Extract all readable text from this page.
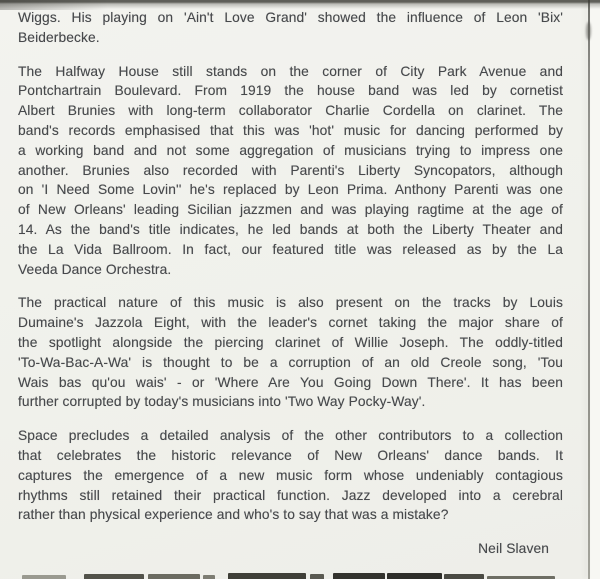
Wiggs. His playing on 'Ain't Love Grand' showed the influence of Leon 'Bix'
Beiderbecke.
The Halfway House still stands on the corner of City Park Avenue and
Pontchartrain Boulevard. From 1919 the house band was led by cornetist
Albert Brunies with long-term collaborator Charlie Cordella on clarinet. The
band's records emphasised that this was 'hot' music for dancing performed by
a working band and not some aggregation of musicians trying to impress one
another. Brunies also recorded with Parenti's Liberty Syncopators, although
on 'I Need Some Lovin'' he's replaced by Leon Prima. Anthony Parenti was one
of New Orleans' leading Sicilian jazzmen and was playing ragtime at the age of
14. As the band's title indicates, he led bands at both the Liberty Theater and
the La Vida Ballroom. In fact, our featured title was released as by the La
Veeda Dance Orchestra.
The practical nature of this music is also present on the tracks by Louis
Dumaine's Jazzola Eight, with the leader's cornet taking the major share of
the spotlight alongside the piercing clarinet of Willie Joseph. The oddly-titled
'To-Wa-Bac-A-Wa' is thought to be a corruption of an old Creole song, 'Tou
Wais bas qu'ou wais' - or 'Where Are You Going Down There'. It has been
further corrupted by today's musicians into 'Two Way Pocky-Way'.
Space precludes a detailed analysis of the other contributors to a collection
that celebrates the historic relevance of New Orleans' dance bands. It
captures the emergence of a new music form whose undeniably contagious
rhythms still retained their practical function. Jazz developed into a cerebral
rather than physical experience and who's to say that was a mistake?
Neil Slaven
